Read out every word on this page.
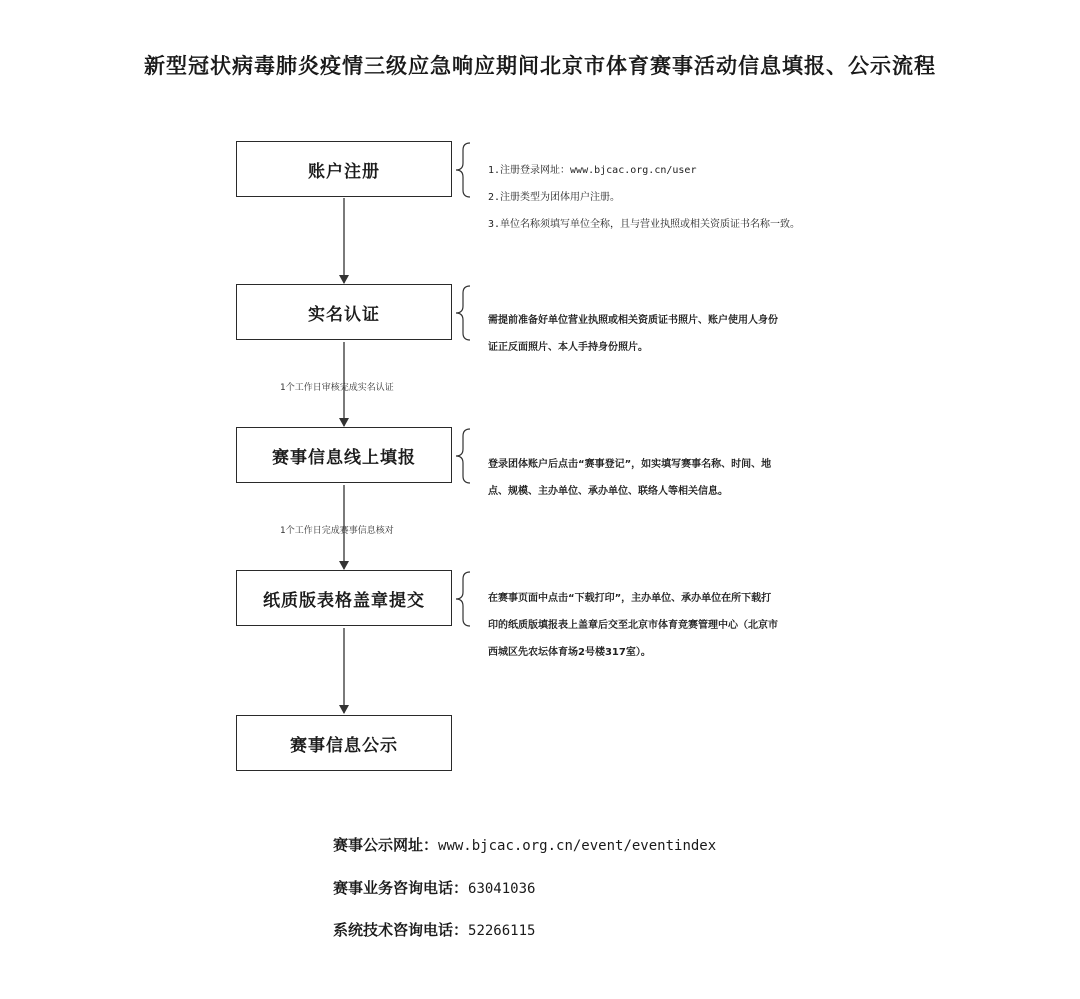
新型冠状病毒肺炎疫情三级应急响应期间北京市体育赛事活动信息填报、公示流程
账户注册
实名认证
赛事信息线上填报
纸质版表格盖章提交
赛事信息公示
1个工作日审核完成实名认证
1个工作日完成赛事信息核对

1.注册登录网址：www.bjcac.org.cn/user

2.注册类型为团体用户注册。

3.单位名称须填写单位全称，且与营业执照或相关资质证书名称一致。

需提前准备好单位营业执照或相关资质证书照片、账户使用人身份

证正反面照片、本人手持身份照片。

登录团体账户后点击“赛事登记”，如实填写赛事名称、时间、地

点、规模、主办单位、承办单位、联络人等相关信息。

在赛事页面中点击“下载打印”，主办单位、承办单位在所下载打

印的纸质版填报表上盖章后交至北京市体育竞赛管理中心（北京市

西城区先农坛体育场2号楼317室）。

赛事公示网址：www.bjcac.org.cn/event/eventindex
赛事业务咨询电话：63041036
系统技术咨询电话：52266115
